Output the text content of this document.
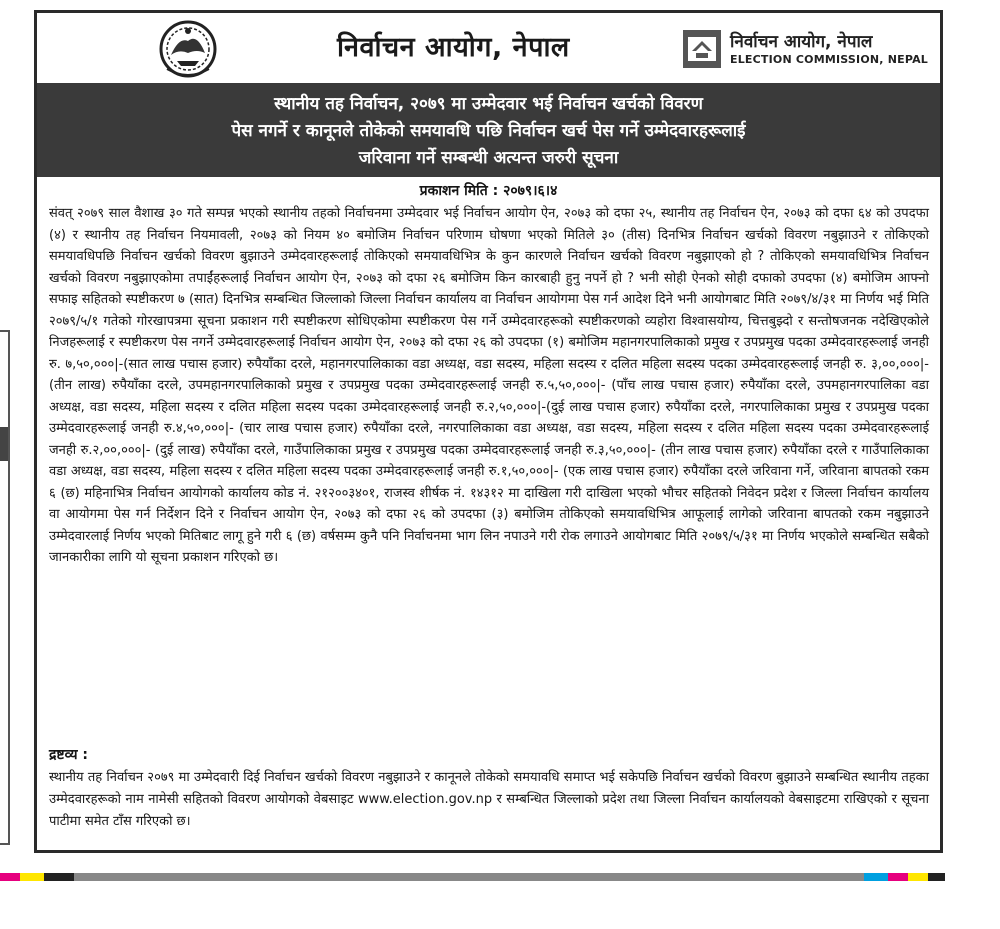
निर्वाचन आयोग, नेपाल	निर्वाचन आयोग, नेपाल
ELECTION COMMISSION, NEPAL
स्थानीय तह निर्वाचन, २०७९ मा उम्मेदवार भई निर्वाचन खर्चको विवरण
पेस नगर्ने र कानूनले तोकेको समयावधि पछि निर्वाचन खर्च पेस गर्ने उम्मेदवारहरूलाई
जरिवाना गर्ने सम्बन्धी अत्यन्त जरुरी सूचना
प्रकाशन मिति : २०७९।६।४
संवत् २०७९ साल वैशाख ३० गते सम्पन्न भएको स्थानीय तहको निर्वाचनमा उम्मेदवार भई निर्वाचन आयोग ऐन, २०७३ को दफा २५, स्थानीय तह निर्वाचन ऐन, २०७३ को दफा ६४ को उपदफा (४) र स्थानीय तह निर्वाचन नियमावली, २०७३ को नियम ४० बमोजिम निर्वाचन परिणाम घोषणा भएको मितिले ३० (तीस) दिनभित्र निर्वाचन खर्चको विवरण नबुझाउने र तोकिएको समयावधिपछि निर्वाचन खर्चको विवरण बुझाउने उम्मेदवारहरूलाई तोकिएको समयावधिभित्र के कुन कारणले निर्वाचन खर्चको विवरण नबुझाएको हो ? तोकिएको समयावधिभित्र निर्वाचन खर्चको विवरण नबुझाएकोमा तपाईंहरूलाई निर्वाचन आयोग ऐन, २०७३ को दफा २६ बमोजिम किन कारबाही हुनु नपर्ने हो ? भनी सोही ऐनको सोही दफाको उपदफा (४) बमोजिम आफ्नो सफाइ सहितको स्पष्टीकरण ७ (सात) दिनभित्र सम्बन्धित जिल्लाको जिल्ला निर्वाचन कार्यालय वा निर्वाचन आयोगमा पेस गर्न आदेश दिने भनी आयोगबाट मिति २०७९/४/३१ मा निर्णय भई मिति २०७९/५/१ गतेको गोरखापत्रमा सूचना प्रकाशन गरी स्पष्टीकरण सोधिएकोमा स्पष्टीकरण पेस गर्ने उम्मेदवारहरूको स्पष्टीकरणको व्यहोरा विश्वासयोग्य, चित्तबुझ्दो र सन्तोषजनक नदेखिएकोले निजहरूलाई र स्पष्टीकरण पेस नगर्ने उम्मेदवारहरूलाई निर्वाचन आयोग ऐन, २०७३ को दफा २६ को उपदफा (१) बमोजिम महानगरपालिकाको प्रमुख र उपप्रमुख पदका उम्मेदवारहरूलाई जनही रु. ७,५०,०००|-(सात लाख पचास हजार) रुपैयाँका दरले, महानगरपालिकाका वडा अध्यक्ष, वडा सदस्य, महिला सदस्य र दलित महिला सदस्य पदका उम्मेदवारहरूलाई जनही रु. ३,००,०००|- (तीन लाख) रुपैयाँका दरले, उपमहानगरपालिकाको प्रमुख र उपप्रमुख पदका उम्मेदवारहरूलाई जनही रु.५,५०,०००|- (पाँच लाख पचास हजार) रुपैयाँका दरले, उपमहानगरपालिका वडा अध्यक्ष, वडा सदस्य, महिला सदस्य र दलित महिला सदस्य पदका उम्मेदवारहरूलाई जनही रु.२,५०,०००|-(दुई लाख पचास हजार) रुपैयाँका दरले, नगरपालिकाका प्रमुख र उपप्रमुख पदका उम्मेदवारहरूलाई जनही रु.४,५०,०००|- (चार लाख पचास हजार) रुपैयाँका दरले, नगरपालिकाका वडा अध्यक्ष, वडा सदस्य, महिला सदस्य र दलित महिला सदस्य पदका उम्मेदवारहरूलाई जनही रु.२,००,०००|- (दुई लाख) रुपैयाँका दरले, गाउँपालिकाका प्रमुख र उपप्रमुख पदका उम्मेदवारहरूलाई जनही रु.३,५०,०००|- (तीन लाख पचास हजार) रुपैयाँका दरले र गाउँपालिकाका वडा अध्यक्ष, वडा सदस्य, महिला सदस्य र दलित महिला सदस्य पदका उम्मेदवारहरूलाई जनही रु.१,५०,०००|- (एक लाख पचास हजार) रुपैयाँका दरले जरिवाना गर्ने, जरिवाना बापतको रकम ६ (छ) महिनाभित्र निर्वाचन आयोगको कार्यालय कोड नं. २१२००३४०१, राजस्व शीर्षक नं. १४३१२ मा दाखिला गरी दाखिला भएको भौचर सहितको निवेदन प्रदेश र जिल्ला निर्वाचन कार्यालय वा आयोगमा पेस गर्न निर्देशन दिने र निर्वाचन आयोग ऐन, २०७३ को दफा २६ को उपदफा (३) बमोजिम तोकिएको समयावधिभित्र आफूलाई लागेको जरिवाना बापतको रकम नबुझाउने उम्मेदवारलाई निर्णय भएको मितिबाट लागू हुने गरी ६ (छ) वर्षसम्म कुनै पनि निर्वाचनमा भाग लिन नपाउने गरी रोक लगाउने आयोगबाट मिति २०७९/५/३१ मा निर्णय भएकोले सम्बन्धित सबैको जानकारीका लागि यो सूचना प्रकाशन गरिएको छ।
द्रष्टव्य :
स्थानीय तह निर्वाचन २०७९ मा उम्मेदवारी दिई निर्वाचन खर्चको विवरण नबुझाउने र कानूनले तोकेको समयावधि समाप्त भई सकेपछि निर्वाचन खर्चको विवरण बुझाउने सम्बन्धित स्थानीय तहका उम्मेदवारहरूको नाम नामेसी सहितको विवरण आयोगको वेबसाइट www.election.gov.np र सम्बन्धित जिल्लाको प्रदेश तथा जिल्ला निर्वाचन कार्यालयको वेबसाइटमा राखिएको र सूचना पाटीमा समेत टाँस गरिएको छ।
